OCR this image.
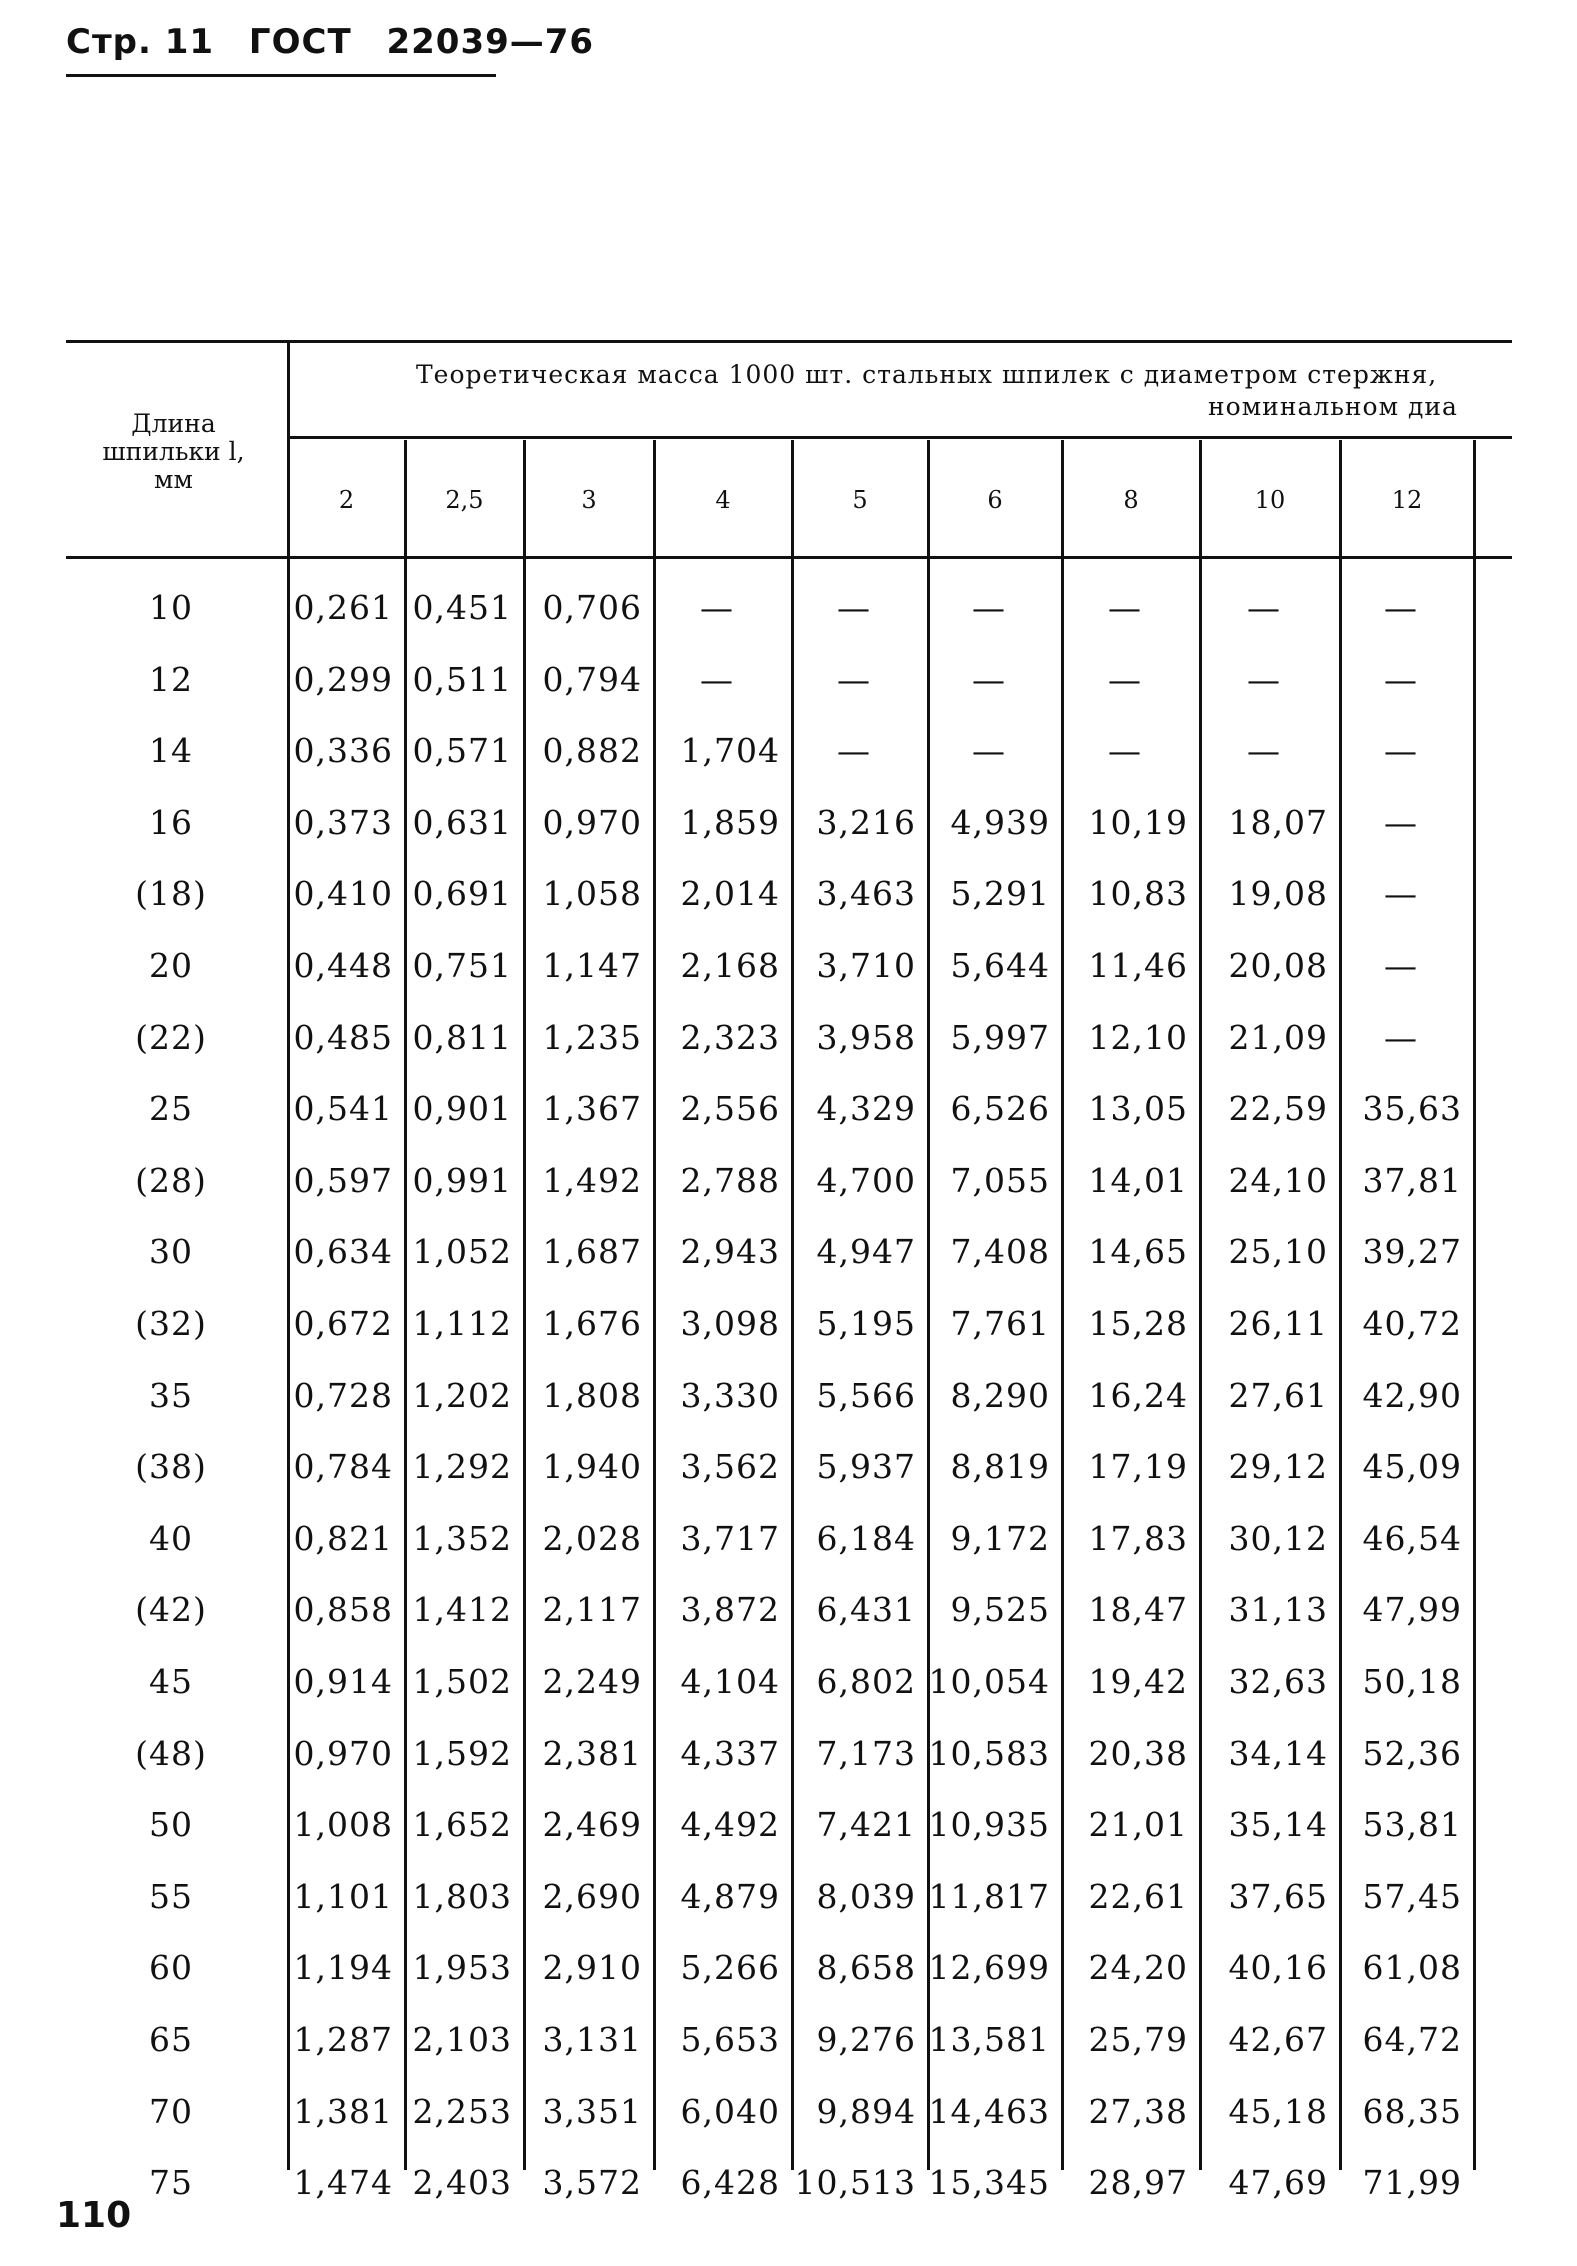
Стр. 11 ГОСТ 22039—76
Теоретическая масса 1000 шт. стальных шпилек с диаметром стержня,
номинальном диа
Длина
шпильки l,
мм
2	2,5	3	4	5	6	8	10	12
10	0,261 0,451 0,706	—	—	—	—	—	—
12	0,299 0,511 0,794	—	—	—	—	—	—
14	0,336 0,571 0,882	1,704	—	—	—	—	—
16	0,373 0,631 0,970	1,859	3,216	4,939	10,19	18,07	—
(18)	0,410 0,691 1,058	2,014	3,463	5,291	10,83	19,08	—
20	0,448 0,751 1,147	2,168	3,710	5,644	11,46	20,08	—
(22)	0,485 0,811 1,235	2,323	3,958	5,997	12,10	21,09	—
25	0,541 0,901 1,367	2,556	4,329	6,526	13,05	22,59	35,63
(28)	0,597 0,991 1,492	2,788	4,700	7,055	14,01	24,10	37,81
30	0,634 1,052 1,687	2,943	4,947	7,408	14,65	25,10	39,27
(32)	0,672 1,112 1,676	3,098	5,195	7,761	15,28	26,11	40,72
35	0,728 1,202 1,808	3,330	5,566	8,290	16,24	27,61	42,90
(38)	0,784 1,292 1,940	3,562	5,937	8,819	17,19	29,12	45,09
40	0,821 1,352 2,028	3,717	6,184	9,172	17,83	30,12	46,54
(42)	0,858 1,412 2,117	3,872	6,431	9,525	18,47	31,13	47,99
45	0,914 1,502 2,249	4,104	6,802 10,054	19,42	32,63	50,18
(48)	0,970 1,592 2,381	4,337	7,173 10,583	20,38	34,14	52,36
50	1,008 1,652 2,469	4,492	7,421 10,935	21,01	35,14	53,81
55	1,101 1,803 2,690	4,879	8,039 11,817	22,61	37,65	57,45
60	1,194 1,953 2,910	5,266	8,658 12,699	24,20	40,16	61,08
65	1,287 2,103 3,131	5,653	9,276 13,581	25,79	42,67	64,72
70	1,381 2,253 3,351	6,040	9,894 14,463	27,38	45,18	68,35
75	1,474 2,403 3,572	6,428 10,513 15,345	28,97	47,69	71,99
110
